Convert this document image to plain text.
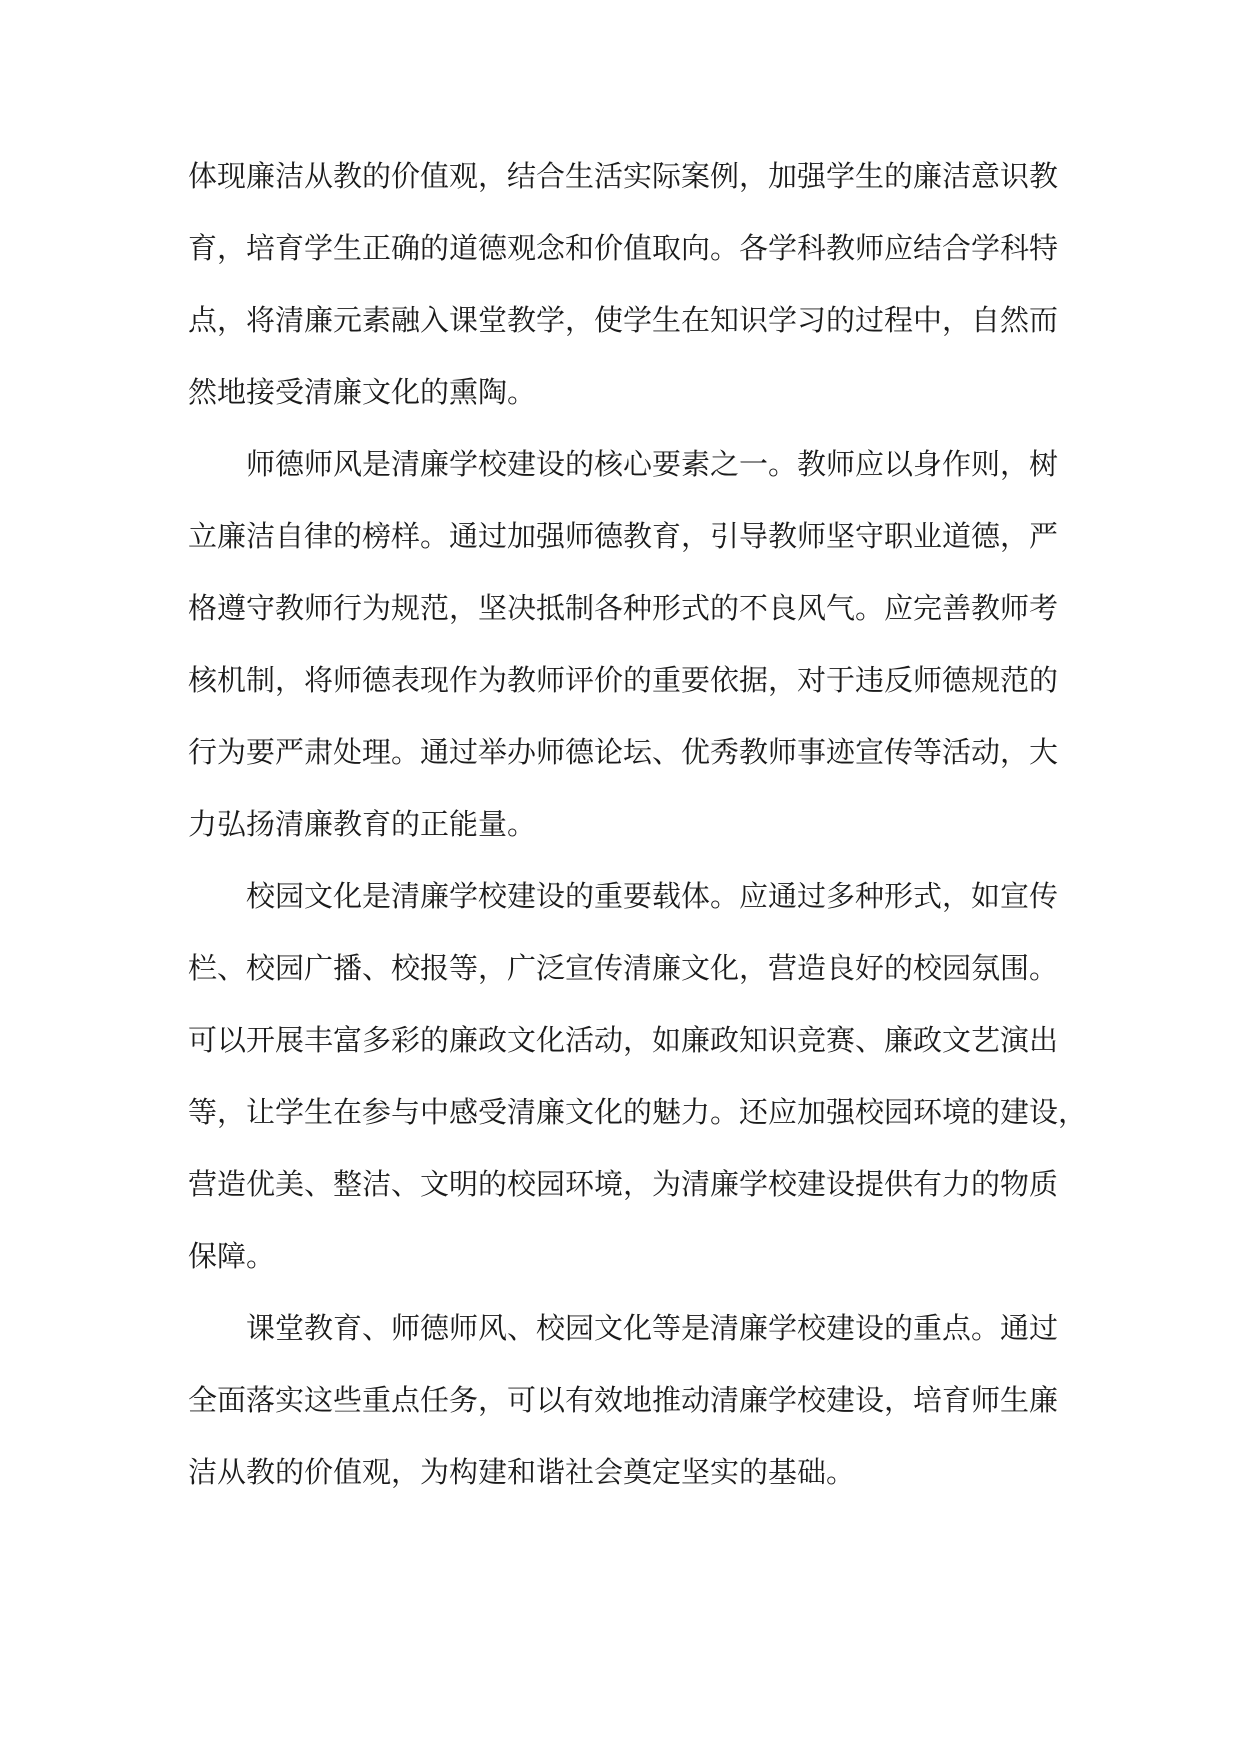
体现廉洁从教的价值观，结合生活实际案例，加强学生的廉洁意识教
育，培育学生正确的道德观念和价值取向。各学科教师应结合学科特
点，将清廉元素融入课堂教学，使学生在知识学习的过程中，自然而
然地接受清廉文化的熏陶。
师德师风是清廉学校建设的核心要素之一。教师应以身作则，树
立廉洁自律的榜样。通过加强师德教育，引导教师坚守职业道德，严
格遵守教师行为规范，坚决抵制各种形式的不良风气。应完善教师考
核机制，将师德表现作为教师评价的重要依据，对于违反师德规范的
行为要严肃处理。通过举办师德论坛、优秀教师事迹宣传等活动，大
力弘扬清廉教育的正能量。
校园文化是清廉学校建设的重要载体。应通过多种形式，如宣传
栏、校园广播、校报等，广泛宣传清廉文化，营造良好的校园氛围。
可以开展丰富多彩的廉政文化活动，如廉政知识竞赛、廉政文艺演出
等，让学生在参与中感受清廉文化的魅力。还应加强校园环境的建设，
营造优美、整洁、文明的校园环境，为清廉学校建设提供有力的物质
保障。
课堂教育、师德师风、校园文化等是清廉学校建设的重点。通过
全面落实这些重点任务，可以有效地推动清廉学校建设，培育师生廉
洁从教的价值观，为构建和谐社会奠定坚实的基础。
